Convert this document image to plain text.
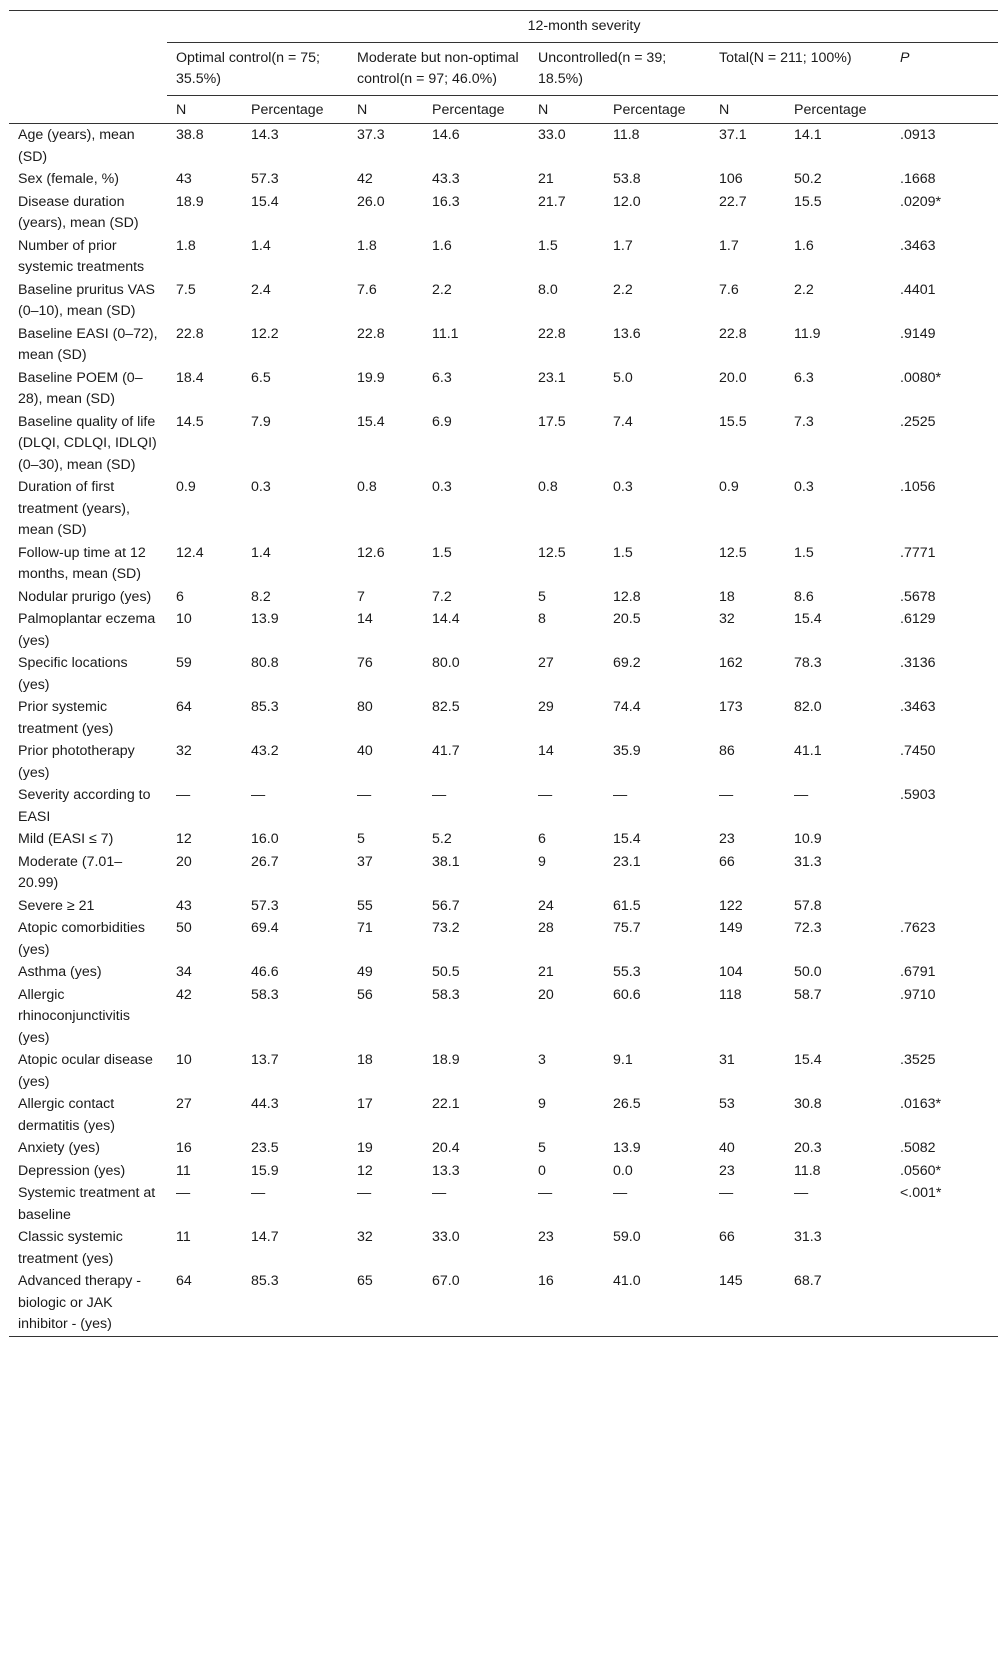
	12-month severity								
	Optimal control(n = 75; 35.5%)		Moderate but non-optimal control(n = 97; 46.0%)		Uncontrolled(n = 39; 18.5%)		Total(N = 211; 100%)		P
	N	Percentage	N	Percentage	N	Percentage	N	Percentage	
Age (years), mean (SD)	38.8	14.3	37.3	14.6	33.0	11.8	37.1	14.1	.0913
Sex (female, %)	43	57.3	42	43.3	21	53.8	106	50.2	.1668
Disease duration (years), mean (SD)	18.9	15.4	26.0	16.3	21.7	12.0	22.7	15.5	.0209*
Number of prior systemic treatments	1.8	1.4	1.8	1.6	1.5	1.7	1.7	1.6	.3463
Baseline pruritus VAS (0–10), mean (SD)	7.5	2.4	7.6	2.2	8.0	2.2	7.6	2.2	.4401
Baseline EASI (0–72), mean (SD)	22.8	12.2	22.8	11.1	22.8	13.6	22.8	11.9	.9149
Baseline POEM (0–28), mean (SD)	18.4	6.5	19.9	6.3	23.1	5.0	20.0	6.3	.0080*
Baseline quality of life (DLQI, CDLQI, IDLQI) (0–30), mean (SD)	14.5	7.9	15.4	6.9	17.5	7.4	15.5	7.3	.2525
Duration of first treatment (years), mean (SD)	0.9	0.3	0.8	0.3	0.8	0.3	0.9	0.3	.1056
Follow-up time at 12 months, mean (SD)	12.4	1.4	12.6	1.5	12.5	1.5	12.5	1.5	.7771
Nodular prurigo (yes)	6	8.2	7	7.2	5	12.8	18	8.6	.5678
Palmoplantar eczema (yes)	10	13.9	14	14.4	8	20.5	32	15.4	.6129
Specific locations (yes)	59	80.8	76	80.0	27	69.2	162	78.3	.3136
Prior systemic treatment (yes)	64	85.3	80	82.5	29	74.4	173	82.0	.3463
Prior phototherapy (yes)	32	43.2	40	41.7	14	35.9	86	41.1	.7450
Severity according to EASI	—	—	—	—	—	—	—	—	.5903
Mild (EASI ≤ 7)	12	16.0	5	5.2	6	15.4	23	10.9	
Moderate (7.01–20.99)	20	26.7	37	38.1	9	23.1	66	31.3	
Severe ≥ 21	43	57.3	55	56.7	24	61.5	122	57.8	
Atopic comorbidities (yes)	50	69.4	71	73.2	28	75.7	149	72.3	.7623
Asthma (yes)	34	46.6	49	50.5	21	55.3	104	50.0	.6791
Allergic rhinoconjunctivitis (yes)	42	58.3	56	58.3	20	60.6	118	58.7	.9710
Atopic ocular disease (yes)	10	13.7	18	18.9	3	9.1	31	15.4	.3525
Allergic contact dermatitis (yes)	27	44.3	17	22.1	9	26.5	53	30.8	.0163*
Anxiety (yes)	16	23.5	19	20.4	5	13.9	40	20.3	.5082
Depression (yes)	11	15.9	12	13.3	0	0.0	23	11.8	.0560*
Systemic treatment at baseline	—	—	—	—	—	—	—	—	<.001*
Classic systemic treatment (yes)	11	14.7	32	33.0	23	59.0	66	31.3	
Advanced therapy - biologic or JAK inhibitor - (yes)	64	85.3	65	67.0	16	41.0	145	68.7	
